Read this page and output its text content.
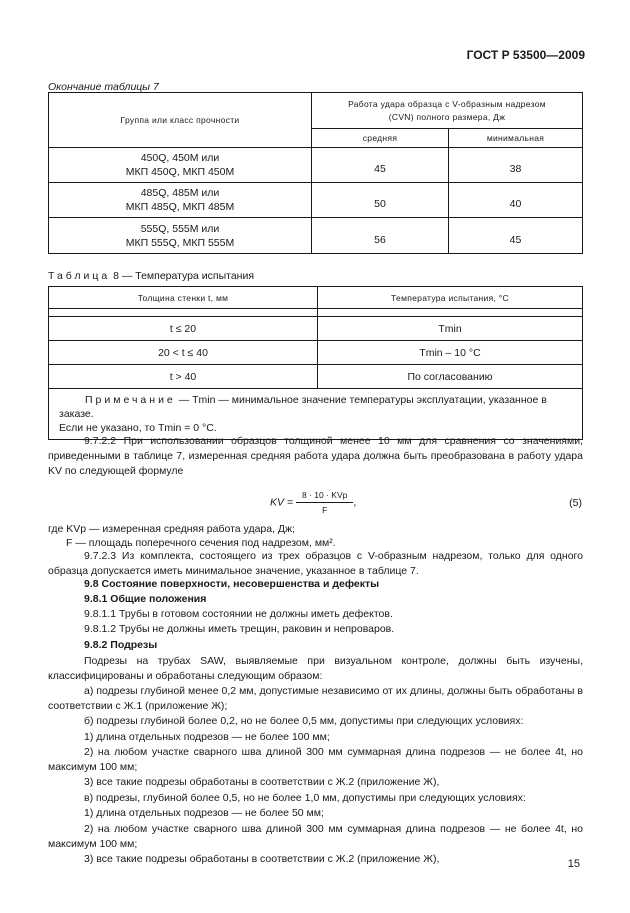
ГОСТ Р 53500—2009
Окончание таблицы 7
Группа или класс прочности	Работа удара образца с V-образным надрезом (CVN) полного размера, Дж	
	средняя	минимальная
450Q, 450M или
МКП 450Q, МКП 450М	45	38
485Q, 485M или
МКП 485Q, МКП 485М	50	40
555Q, 555M или
МКП 555Q, МКП 555М	56	45
Таблица 8 — Температура испытания
Толщина стенки t, мм	Температура испытания, °С

t ≤ 20	Tmin
20 < t ≤ 40	Tmin – 10 °C
t > 40	По согласованию
Примечание — Tmin — минимальное значение температуры эксплуатации, указанное в заказе.
Если не указано, то Tmin = 0 °С.	
9.7.2.2 При использовании образцов толщиной менее 10 мм для сравнения со значениями, приведенными в таблице 7, измеренная средняя работа удара должна быть преобразована в работу удара KV по следующей формуле
KV = $\frac{\text{8 · 10 · KVp}}{F}$ ,	(5)
где KVp — измеренная средняя работа удара, Дж;
F — площадь поперечного сечения под надрезом, мм².
9.7.2.3 Из комплекта, состоящего из трех образцов с V-образным надрезом, только для одного образца допускается иметь минимальное значение, указанное в таблице 7.
9.8 Состояние поверхности, несовершенства и дефекты
9.8.1 Общие положения
9.8.1.1 Трубы в готовом состоянии не должны иметь дефектов.
9.8.1.2 Трубы не должны иметь трещин, раковин и непроваров.
9.8.2 Подрезы
Подрезы на трубах SAW, выявляемые при визуальном контроле, должны быть изучены, классифицированы и обработаны следующим образом:
а) подрезы глубиной менее 0,2 мм, допустимые независимо от их длины, должны быть обработаны в соответствии с Ж.1 (приложение Ж);
б) подрезы глубиной более 0,2, но не более 0,5 мм, допустимы при следующих условиях:
1) длина отдельных подрезов — не более 100 мм;
2) на любом участке сварного шва длиной 300 мм суммарная длина подрезов — не более 4t, но максимум 100 мм;
3) все такие подрезы обработаны в соответствии с Ж.2 (приложение Ж),
в) подрезы, глубиной более 0,5, но не более 1,0 мм, допустимы при следующих условиях:
1) длина отдельных подрезов — не более 50 мм;
2) на любом участке сварного шва длиной 300 мм суммарная длина подрезов — не более 4t, но максимум 100 мм;
3) все такие подрезы обработаны в соответствии с Ж.2 (приложение Ж),	15
